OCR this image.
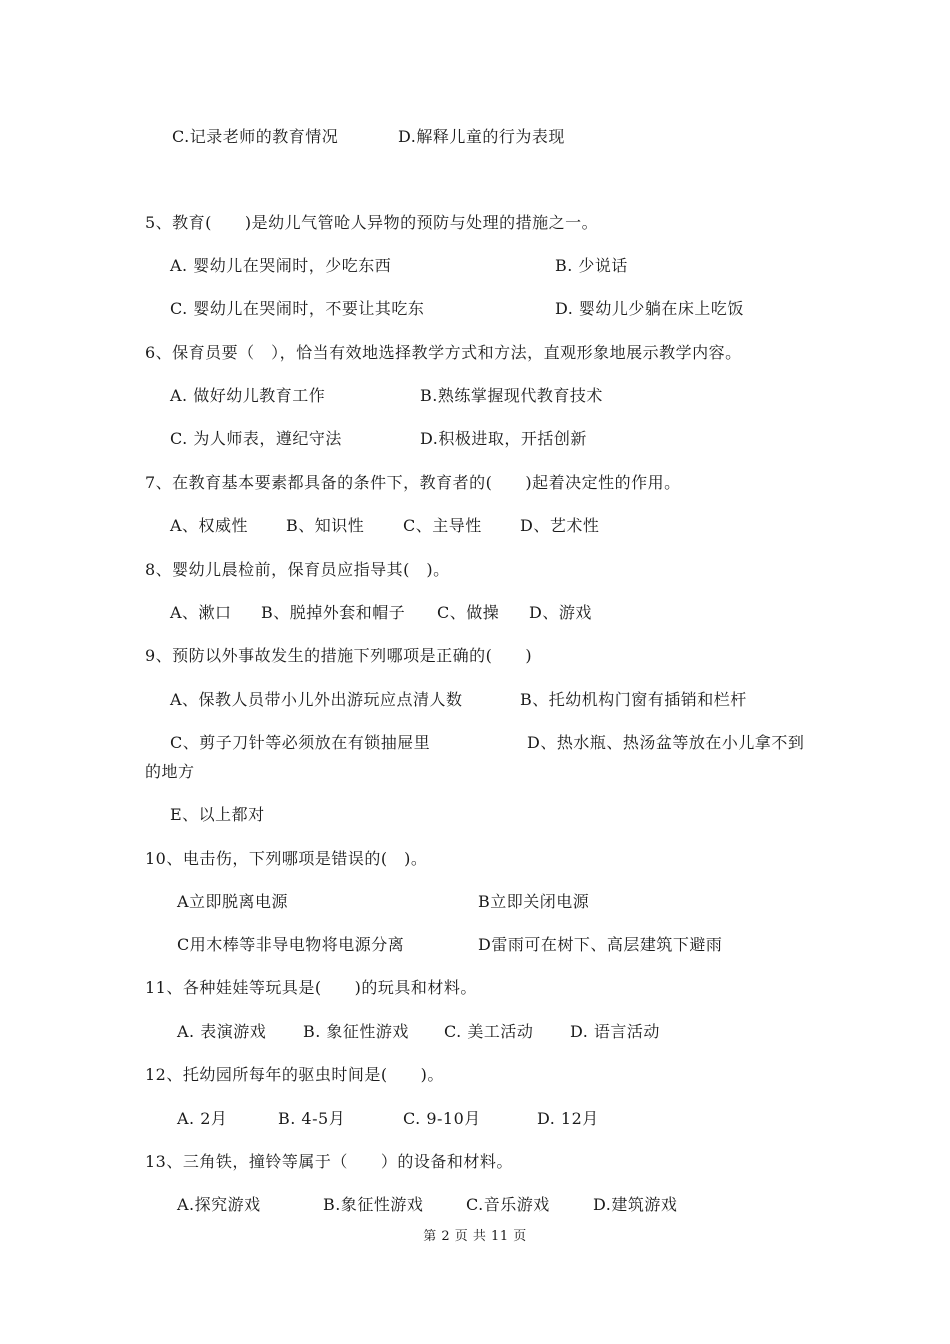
C.记录老师的教育情况	D.解释儿童的行为表现
5、教育(　　)是幼儿气管呛人异物的预防与处理的措施之一。
A. 婴幼儿在哭闹时，少吃东西	B. 少说话
C. 婴幼儿在哭闹时，不要让其吃东	D. 婴幼儿少躺在床上吃饭
6、保育员要（　），恰当有效地选择教学方式和方法，直观形象地展示教学内容。
A. 做好幼儿教育工作	B.熟练掌握现代教育技术
C. 为人师表，遵纪守法	D.积极进取，开括创新
7、在教育基本要素都具备的条件下，教育者的(　　)起着决定性的作用。
A、权威性 B、知识性 C、主导性 D、艺术性
8、婴幼儿晨检前，保育员应指导其(　)。
A、漱口 B、脱掉外套和帽子 C、做操 D、游戏
9、预防以外事故发生的措施下列哪项是正确的(　　)
A、保教人员带小儿外出游玩应点清人数	B、托幼机构门窗有插销和栏杆
C、剪子刀针等必须放在有锁抽屉里	D、热水瓶、热汤盆等放在小儿拿不到
的地方
E、以上都对
10、电击伤，下列哪项是错误的(　)。
A立即脱离电源	B立即关闭电源
C用木棒等非导电物将电源分离	D雷雨可在树下、高层建筑下避雨
11、各种娃娃等玩具是(　　)的玩具和材料。
A. 表演游戏 B. 象征性游戏 C. 美工活动 D. 语言活动
12、托幼园所每年的驱虫时间是(　　)。
A. 2月	B. 4-5月	C. 9-10月	D. 12月
13、三角铁，撞铃等属于（　　）的设备和材料。
A.探究游戏	B.象征性游戏	C.音乐游戏	D.建筑游戏
第 2 页 共 11 页
